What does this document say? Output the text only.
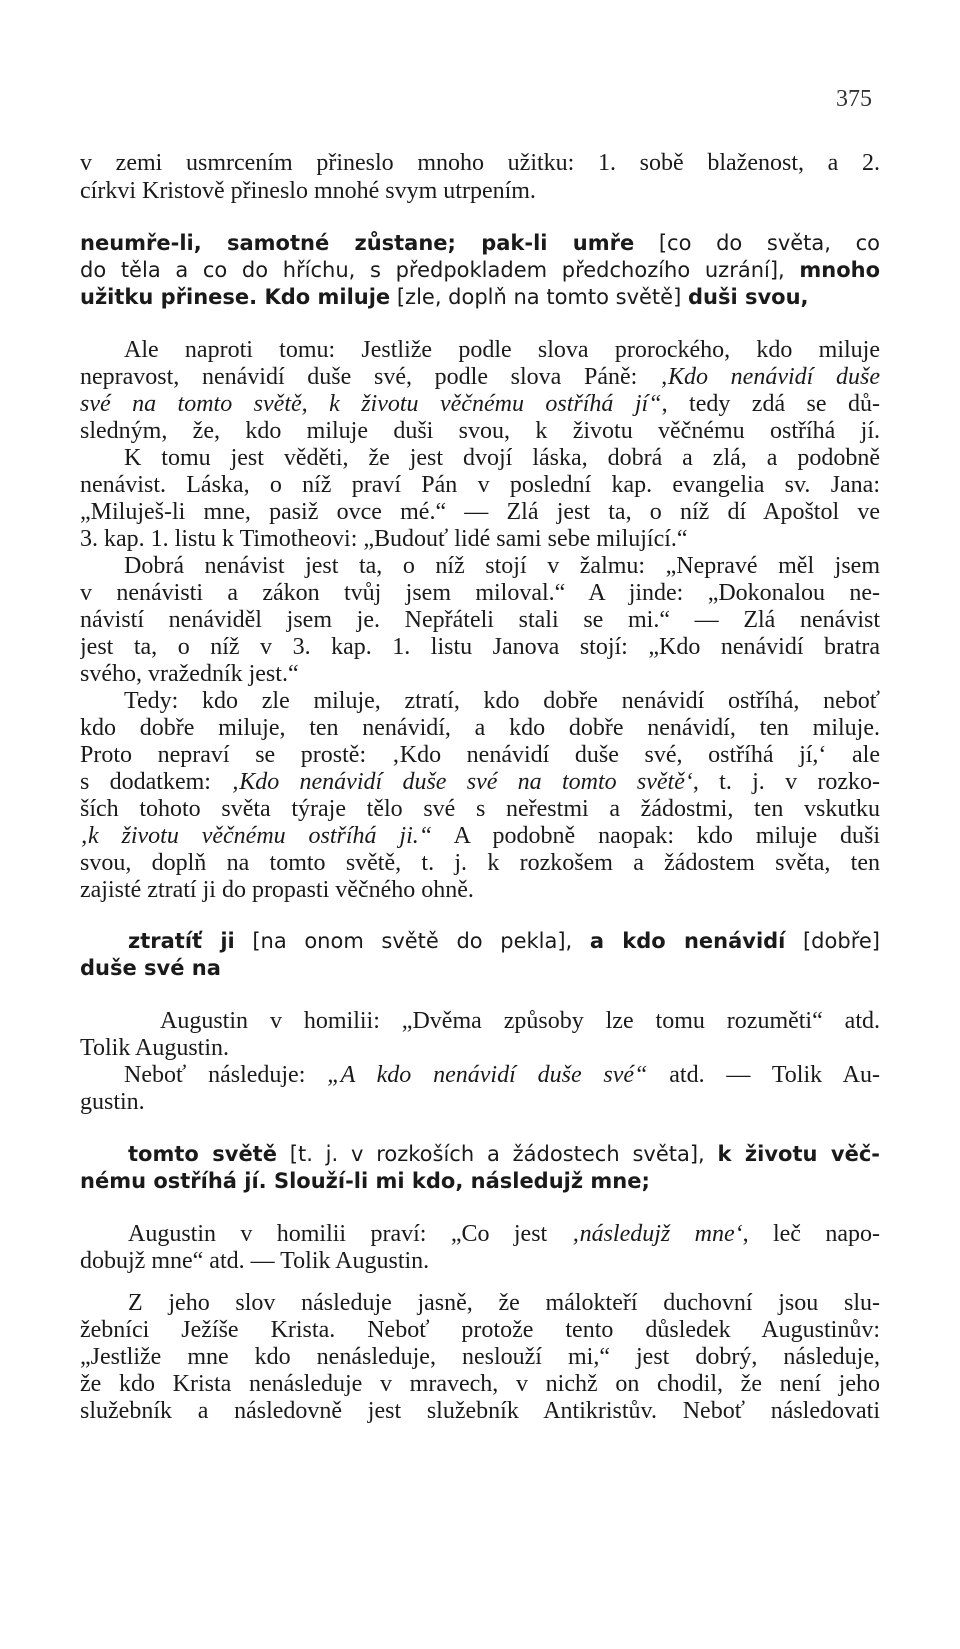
375
v zemi usmrcením přineslo mnoho užitku: 1. sobě blaženost, a 2.
církvi Kristově přineslo mnohé svym utrpením.
neumře-li, samotné zůstane; pak-li umře [co do světa, co
do těla a co do hříchu, s předpokladem předchozího uzrání], mnoho
užitku přinese. Kdo miluje [zle, doplň na tomto světě] duši svou,
Ale naproti tomu: Jestliže podle slova prorockého, kdo miluje
nepravost, nenávidí duše své, podle slova Páně: ‚Kdo nenávidí duše
své na tomto světě, k životu věčnému ostříhá jí“, tedy zdá se dů-
sledným, že, kdo miluje duši svou, k životu věčnému ostříhá jí.
K tomu jest věděti, že jest dvojí láska, dobrá a zlá, a podobně
nenávist. Láska, o níž praví Pán v poslední kap. evangelia sv. Jana:
„Miluješ-li mne, pasiž ovce mé.“ — Zlá jest ta, o níž dí Apoštol ve
3. kap. 1. listu k Timotheovi: „Budouť lidé sami sebe milující.“
Dobrá nenávist jest ta, o níž stojí v žalmu: „Nepravé měl jsem
v nenávisti a zákon tvůj jsem miloval.“ A jinde: „Dokonalou ne-
návistí nenáviděl jsem je. Nepřáteli stali se mi.“ — Zlá nenávist
jest ta, o níž v 3. kap. 1. listu Janova stojí: „Kdo nenávidí bratra
svého, vražedník jest.“
Tedy: kdo zle miluje, ztratí, kdo dobře nenávidí ostříhá, neboť
kdo dobře miluje, ten nenávidí, a kdo dobře nenávidí, ten miluje.
Proto nepraví se prostě: ‚Kdo nenávidí duše své, ostříhá jí,‘ ale
s dodatkem: ‚Kdo nenávidí duše své na tomto světě‘, t. j. v rozko-
ších tohoto světa týraje tělo své s neřestmi a žádostmi, ten vskutku
‚k životu věčnému ostříhá ji.“ A podobně naopak: kdo miluje duši
svou, doplň na tomto světě, t. j. k rozkošem a žádostem světa, ten
zajisté ztratí ji do propasti věčného ohně.
ztratíť ji [na onom světě do pekla], a kdo nenávidí [dobře]
duše své na
Augustin v homilii: „Dvěma způsoby lze tomu rozuměti“ atd.
Tolik Augustin.
Neboť následuje: „A kdo nenávidí duše své“ atd. — Tolik Au-
gustin.
tomto světě [t. j. v rozkoších a žádostech světa], k životu věč-
nému ostříhá jí. Slouží-li mi kdo, následujž mne;
Augustin v homilii praví: „Co jest ‚následujž mne‘, leč napo-
dobujž mne“ atd. — Tolik Augustin.
Z jeho slov následuje jasně, že málokteří duchovní jsou slu-
žebníci Ježíše Krista. Neboť protože tento důsledek Augustinův:
„Jestliže mne kdo nenásleduje, neslouží mi,“ jest dobrý, následuje,
že kdo Krista nenásleduje v mravech, v nichž on chodil, že není jeho
služebník a následovně jest služebník Antikristův. Neboť následovati
